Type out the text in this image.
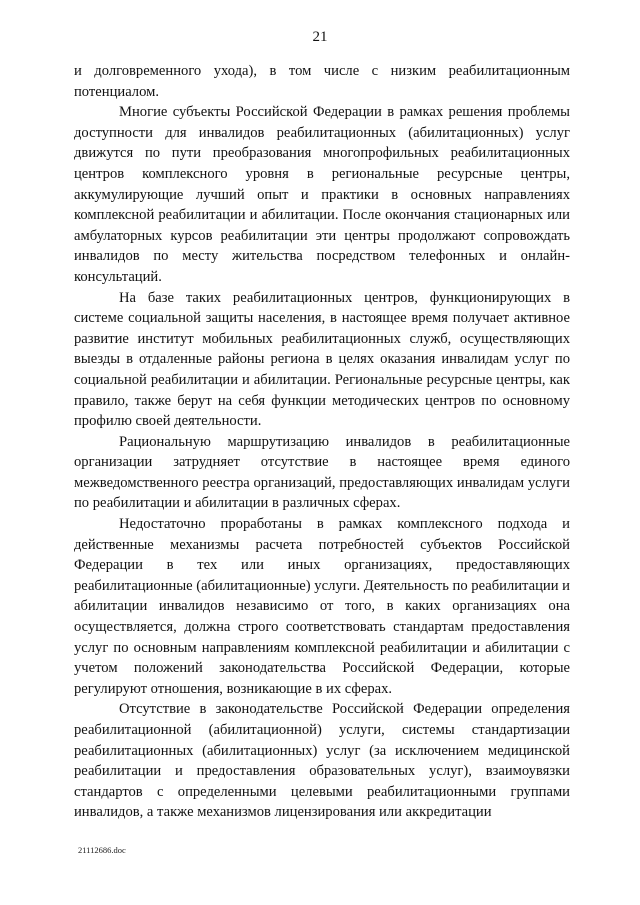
21

и долговременного ухода), в том числе с низким реабилитационным потенциалом.

Многие субъекты Российской Федерации в рамках решения проблемы доступности для инвалидов реабилитационных (абилитационных) услуг движутся по пути преобразования многопрофильных реабилитационных центров комплексного уровня в региональные ресурсные центры, аккумулирующие лучший опыт и практики в основных направлениях комплексной реабилитации и абилитации. После окончания стационарных или амбулаторных курсов реабилитации эти центры продолжают сопровождать инвалидов по месту жительства посредством телефонных и онлайн-консультаций.

На базе таких реабилитационных центров, функционирующих в системе социальной защиты населения, в настоящее время получает активное развитие институт мобильных реабилитационных служб, осуществляющих выезды в отдаленные районы региона в целях оказания инвалидам услуг по социальной реабилитации и абилитации. Региональные ресурсные центры, как правило, также берут на себя функции методических центров по основному профилю своей деятельности.

Рациональную маршрутизацию инвалидов в реабилитационные организации затрудняет отсутствие в настоящее время единого межведомственного реестра организаций, предоставляющих инвалидам услуги по реабилитации и абилитации в различных сферах.

Недостаточно проработаны в рамках комплексного подхода и действенные механизмы расчета потребностей субъектов Российской Федерации в тех или иных организациях, предоставляющих реабилитационные (абилитационные) услуги. Деятельность по реабилитации и абилитации инвалидов независимо от того, в каких организациях она осуществляется, должна строго соответствовать стандартам предоставления услуг по основным направлениям комплексной реабилитации и абилитации с учетом положений законодательства Российской Федерации, которые регулируют отношения, возникающие в их сферах.

Отсутствие в законодательстве Российской Федерации определения реабилитационной (абилитационной) услуги, системы стандартизации реабилитационных (абилитационных) услуг (за исключением медицинской реабилитации и предоставления образовательных услуг), взаимоувязки стандартов с определенными целевыми реабилитационными группами инвалидов, а также механизмов лицензирования или аккредитации

21112686.doc
